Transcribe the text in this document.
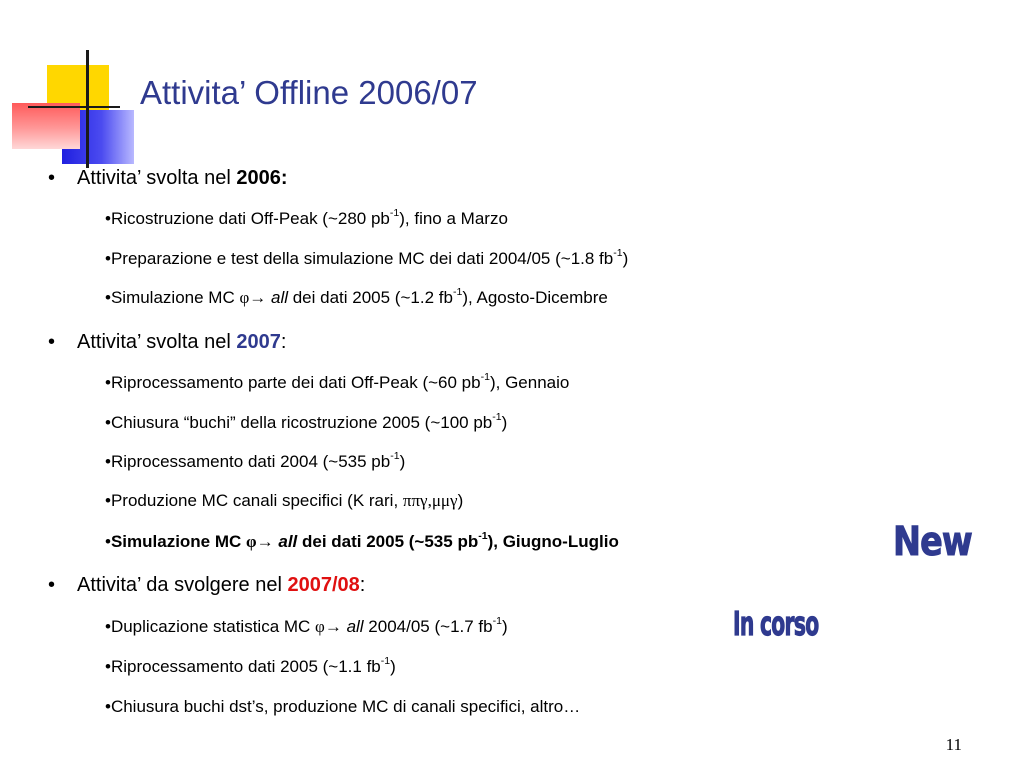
Attivita’ Offline 2006/07
• Attivita’ svolta nel 2006:
•Ricostruzione dati Off-Peak (~280 $pb^{-1}$), fino a Marzo
•Preparazione e test della simulazione MC dei dati 2004/05 (~1.8 $fb^{-1}$)
•Simulazione MC φ→ all dei dati 2005 (~1.2 $fb^{-1}$), Agosto-Dicembre
• Attivita’ svolta nel 2007:
•Riprocessamento parte dei dati Off-Peak (~60 $pb^{-1}$), Gennaio
•Chiusura “buchi” della ricostruzione 2005 (~100 $pb^{-1}$)
•Riprocessamento dati 2004 (~535 $pb^{-1}$)
•Produzione MC canali specifici (K rari, ππγ,μμγ)
•Simulazione MC φ→ all dei dati 2005 (~535 $pb^{-1}$), Giugno-Luglio
• Attivita’ da svolgere nel 2007/08:
•Duplicazione statistica MC φ→ all 2004/05 (~1.7 $fb^{-1}$)
•Riprocessamento dati 2005 (~1.1 $fb^{-1}$)
•Chiusura buchi dst’s, produzione MC di canali specifici, altro…
New
In corso
11
